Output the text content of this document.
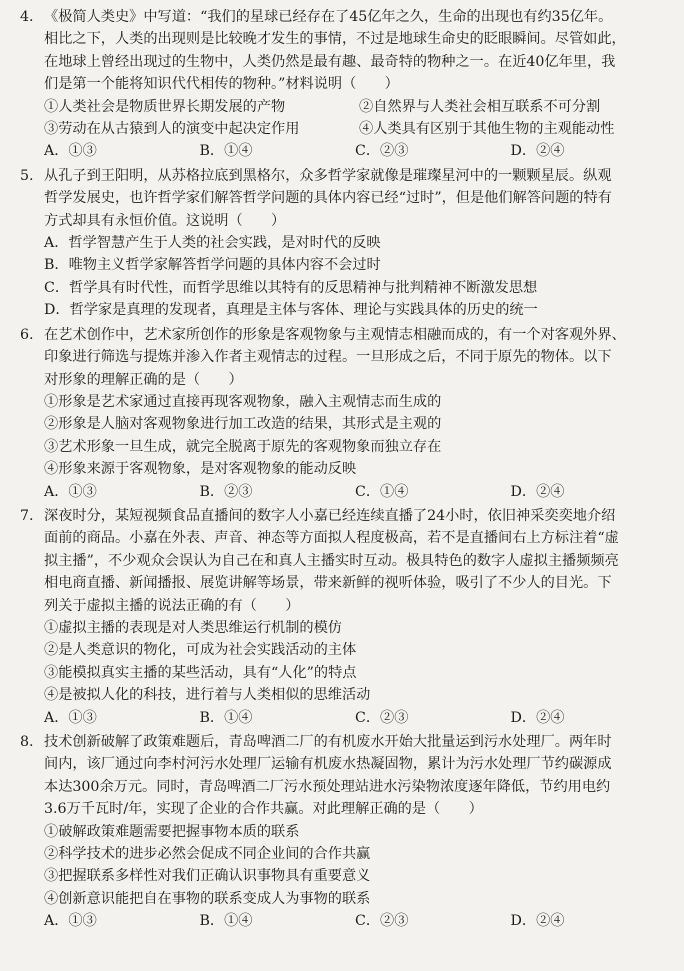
4. 《极简人类史》中写道：“我们的星球已经存在了45亿年之久，生命的出现也有约35亿年。
相比之下，人类的出现则是比较晚才发生的事情，不过是地球生命史的眨眼瞬间。尽管如此，
在地球上曾经出现过的生物中，人类仍然是最有趣、最奇特的物种之一。在近40亿年里，我
们是第一个能将知识代代相传的物种。”材料说明（　　）
①人类社会是物质世界长期发展的产物	②自然界与人类社会相互联系不可分割
③劳动在从古猿到人的演变中起决定作用	④人类具有区别于其他生物的主观能动性
A．①③	B．①④	C．②③	D．②④
5. 从孔子到王阳明，从苏格拉底到黑格尔，众多哲学家就像是璀璨星河中的一颗颗星辰。纵观
哲学发展史，也许哲学家们解答哲学问题的具体内容已经“过时”，但是他们解答问题的特有
方式却具有永恒价值。这说明（　　）
A．哲学智慧产生于人类的社会实践，是对时代的反映
B．唯物主义哲学家解答哲学问题的具体内容不会过时
C．哲学具有时代性，而哲学思维以其特有的反思精神与批判精神不断激发思想
D．哲学家是真理的发现者，真理是主体与客体、理论与实践具体的历史的统一
6. 在艺术创作中，艺术家所创作的形象是客观物象与主观情志相融而成的，有一个对客观外界、
印象进行筛选与提炼并渗入作者主观情志的过程。一旦形成之后，不同于原先的物体。以下
对形象的理解正确的是（　　）
①形象是艺术家通过直接再现客观物象，融入主观情志而生成的
②形象是人脑对客观物象进行加工改造的结果，其形式是主观的
③艺术形象一旦生成，就完全脱离于原先的客观物象而独立存在
④形象来源于客观物象，是对客观物象的能动反映
A．①③	B．②③	C．①④	D．②④
7. 深夜时分，某短视频食品直播间的数字人小嘉已经连续直播了24小时，依旧神采奕奕地介绍
面前的商品。小嘉在外表、声音、神态等方面拟人程度极高，若不是直播间右上方标注着“虚
拟主播”，不少观众会误认为自己在和真人主播实时互动。极具特色的数字人虚拟主播频频亮
相电商直播、新闻播报、展览讲解等场景，带来新鲜的视听体验，吸引了不少人的目光。下
列关于虚拟主播的说法正确的有（　　）
①虚拟主播的表现是对人类思维运行机制的模仿
②是人类意识的物化，可成为社会实践活动的主体
③能模拟真实主播的某些活动，具有“人化”的特点
④是被拟人化的科技，进行着与人类相似的思维活动
A．①③	B．①④	C．②③	D．②④
8. 技术创新破解了政策难题后，青岛啤酒二厂的有机废水开始大批量运到污水处理厂。两年时
间内，该厂通过向李村河污水处理厂运输有机废水热凝固物，累计为污水处理厂节约碳源成
本达300余万元。同时，青岛啤酒二厂污水预处理站进水污染物浓度逐年降低，节约用电约
3.6万千瓦时/年，实现了企业的合作共赢。对此理解正确的是（　　）
①破解政策难题需要把握事物本质的联系
②科学技术的进步必然会促成不同企业间的合作共赢
③把握联系多样性对我们正确认识事物具有重要意义
④创新意识能把自在事物的联系变成人为事物的联系
A．①③	B．①④	C．②③	D．②④
